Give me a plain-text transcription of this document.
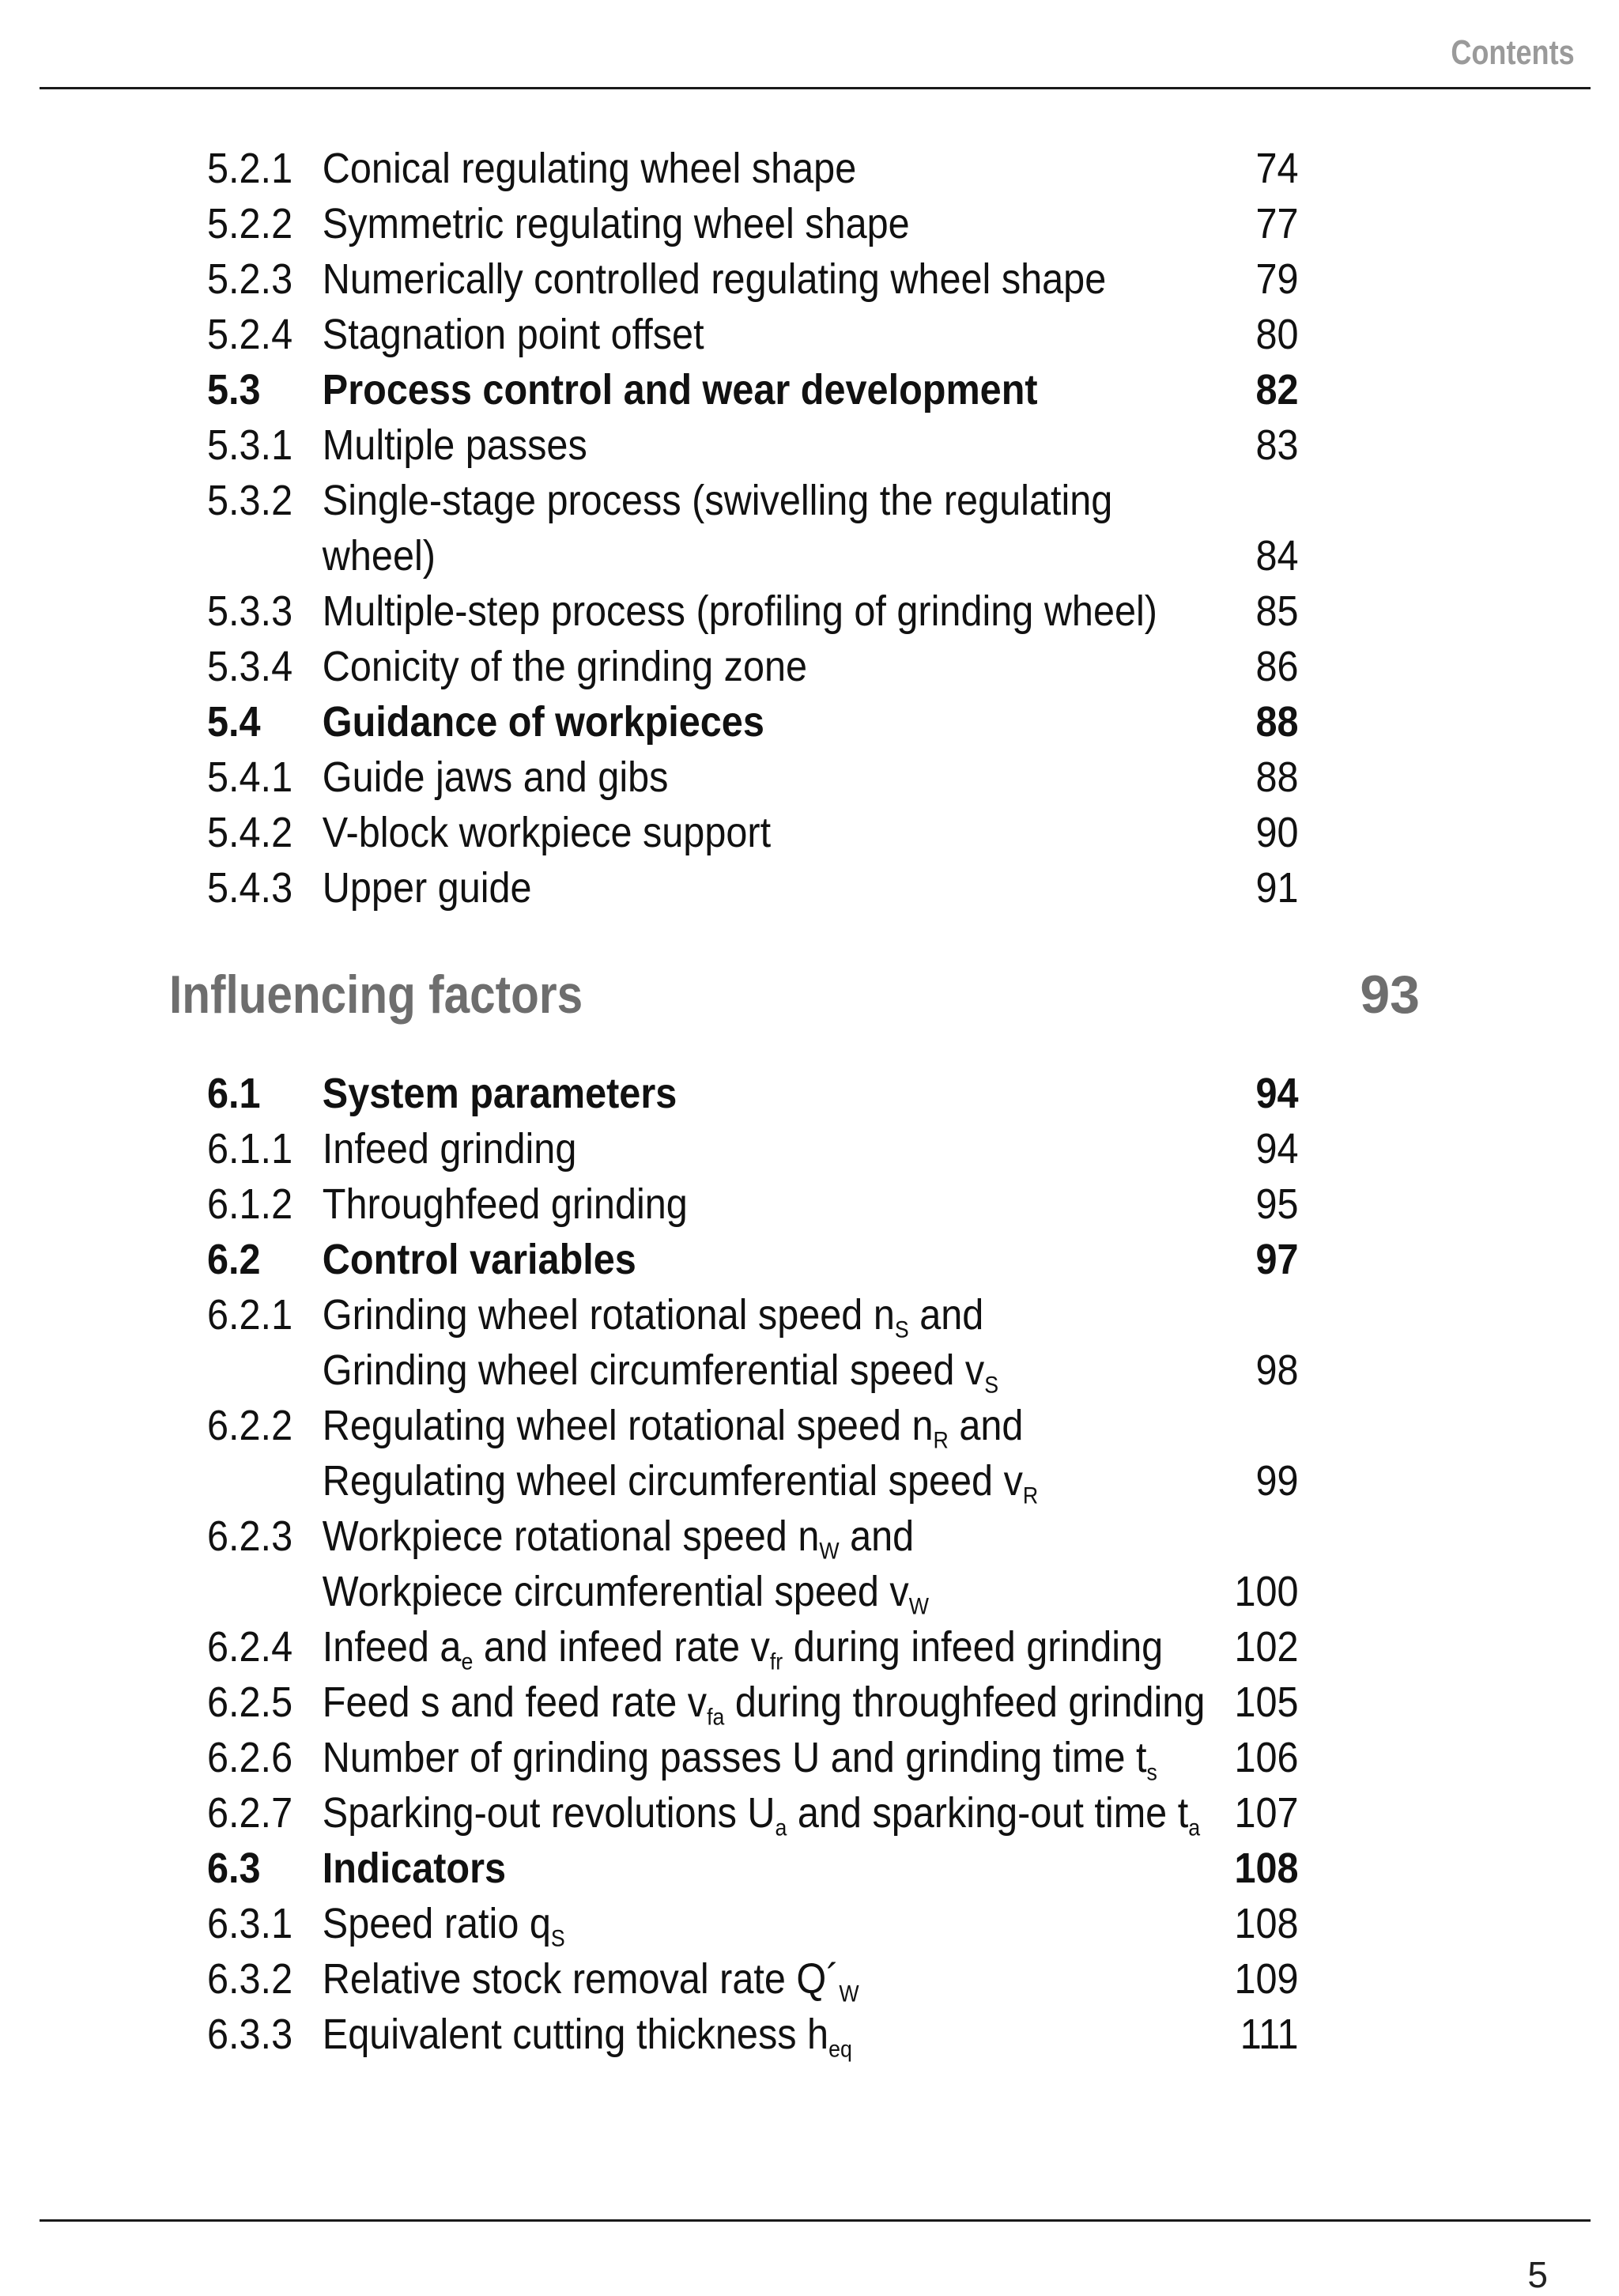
Contents
5.2.1 Conical regulating wheel shape	74
5.2.2 Symmetric regulating wheel shape	77
5.2.3 Numerically controlled regulating wheel shape	79
5.2.4 Stagnation point offset	80
5.3 Process control and wear development	82
5.3.1 Multiple passes	83
5.3.2 Single-stage process (swivelling the regulating
wheel)	84
5.3.3 Multiple-step process (profiling of grinding wheel) 85
5.3.4 Conicity of the grinding zone	86
5.4 Guidance of workpieces	88
5.4.1 Guide jaws and gibs	88
5.4.2 V-block workpiece support	90
5.4.3 Upper guide	91
Influencing factors	93
6.1 System parameters	94
6.1.1 Infeed grinding	94
6.1.2 Throughfeed grinding	95
6.2 Control variables	97
6.2.1 Grinding wheel rotational speed $n_S$ and
Grinding wheel circumferential speed $v_S$	98
6.2.2 Regulating wheel rotational speed $n_R$ and
Regulating wheel circumferential speed $v_R$	99
6.2.3 Workpiece rotational speed $n_W$ and
Workpiece circumferential speed $v_W$	100
6.2.4 Infeed $a_e$ and infeed rate $v_{fr}$ during infeed grinding 102
6.2.5 Feed s and feed rate $v_{fa}$ during throughfeed grinding 105
6.2.6 Number of grinding passes U and grinding time $t_s$ 106
6.2.7 Sparking-out revolutions $U_a$ and sparking-out time $t_a$ 107
6.3 Indicators	108
6.3.1 Speed ratio $q_S$	108
6.3.2 Relative stock removal rate $Q´_W$	109
6.3.3 Equivalent cutting thickness $h_{eq}$	111
5
